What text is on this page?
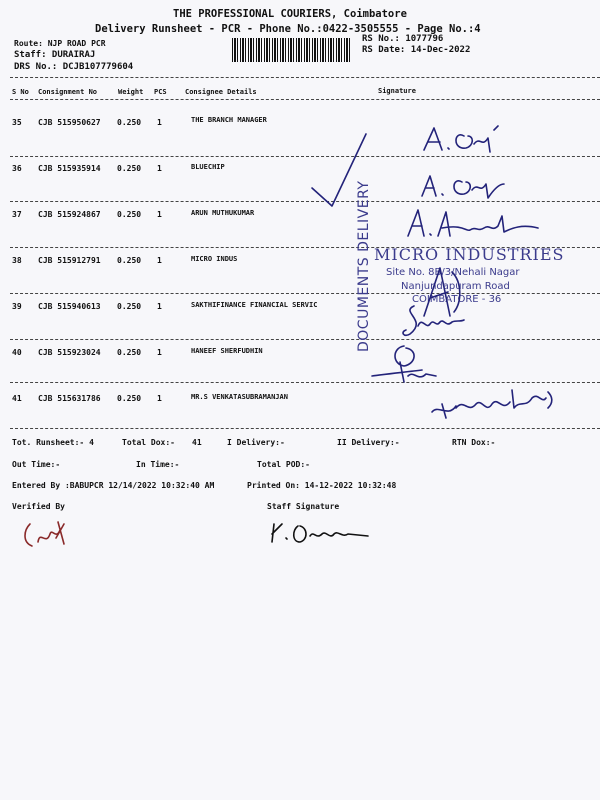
THE PROFESSIONAL COURIERS, Coimbatore
Delivery Runsheet - PCR - Phone No.:0422-3505555 - Page No.:4
Route: NJP ROAD PCR
Staff: DURAIRAJ
DRS No.: DCJB107779604
RS No.: 1077796
RS Date: 14-Dec-2022
S No Consignment No	Weight PCS	Consignee Details	Signature
35 CJB 515950627 0.250 1	THE BRANCH MANAGER
36 CJB 515935914 0.250 1	BLUECHIP
37 CJB 515924867 0.250 1	ARUN MUTHUKUMAR
38 CJB 515912791 0.250 1	MICRO INDUS
39 CJB 515940613 0.250 1	SAKTHIFINANCE FINANCIAL SERVIC
40 CJB 515923024 0.250 1	HANEEF SHERFUDHIN
41 CJB 515631786 0.250 1	MR.S VENKATASUBRAMANJAN
Tot. Runsheet:- 4	Total Dox:- 41	I Delivery:-	II Delivery:-	RTN Dox:-
Out Time:-	In Time:-	Total POD:-
Entered By :BABUPCR 12/14/2022 10:32:40 AM	Printed On: 14-12-2022 10:32:48
Verified By	Staff Signature
DOCUMENTS DELIVERY MICRO INDUSTRIES
Site No. 8B/3/Nehali Nagar
Nanjundapuram Road
COIMBATORE - 36
